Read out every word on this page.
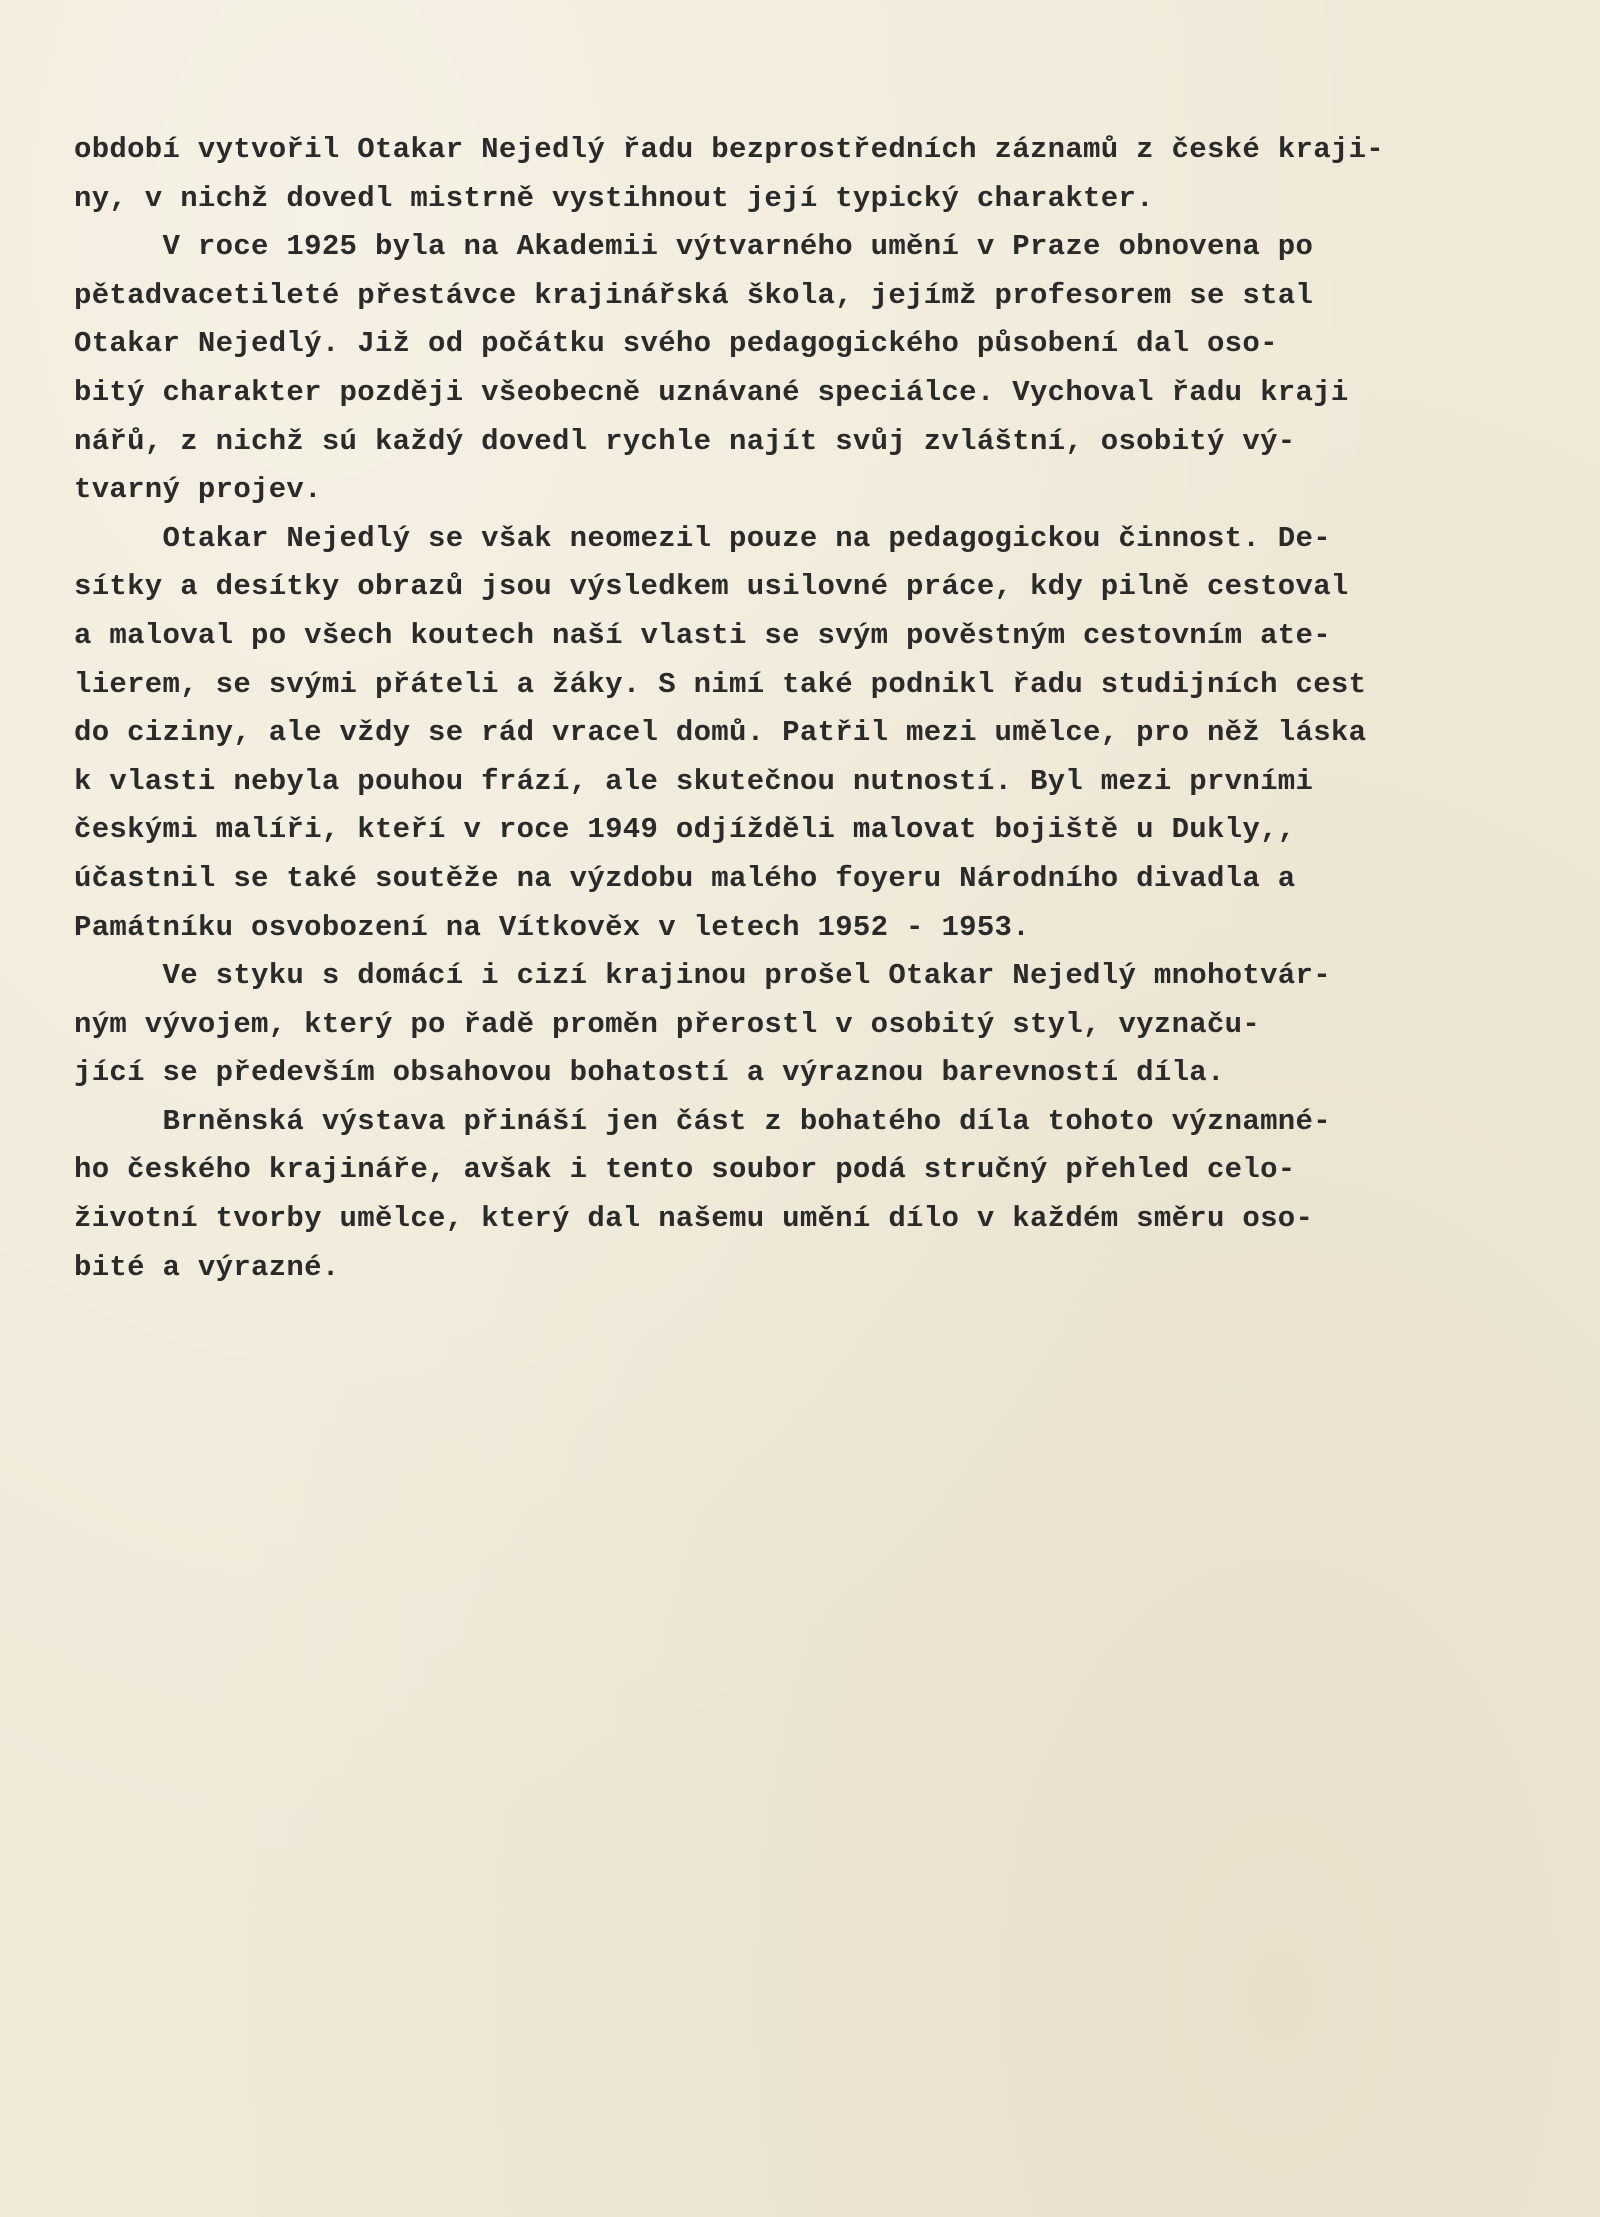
období vytvořil Otakar Nejedlý řadu bezprostředních záznamů z české kraji-
ny, v nichž dovedl mistrně vystihnout její typický charakter.
V roce 1925 byla na Akademii výtvarného umění v Praze obnovena po
pětadvacetileté přestávce krajinářská škola, jejímž profesorem se stal
Otakar Nejedlý. Již od počátku svého pedagogického působení dal oso-
bitý charakter později všeobecně uznávané speciálce. Vychoval řadu kraji
nářů, z nichž sú každý dovedl rychle najít svůj zvláštní, osobitý vý-
tvarný projev.
Otakar Nejedlý se však neomezil pouze na pedagogickou činnost. De-
sítky a desítky obrazů jsou výsledkem usilovné práce, kdy pilně cestoval
a maloval po všech koutech naší vlasti se svým pověstným cestovním ate-
lierem, se svými přáteli a žáky. S nimí také podnikl řadu studijních cest
do ciziny, ale vždy se rád vracel domů. Patřil mezi umělce, pro něž láska
k vlasti nebyla pouhou frází, ale skutečnou nutností. Byl mezi prvními
českými malíři, kteří v roce 1949 odjížděli malovat bojiště u Dukly,,
účastnil se také soutěže na výzdobu malého foyeru Národního divadla a
Památníku osvobození na Vítkověx v letech 1952 - 1953.
Ve styku s domácí i cizí krajinou prošel Otakar Nejedlý mnohotvár-
ným vývojem, který po řadě proměn přerostl v osobitý styl, vyznaču-
jící se především obsahovou bohatostí a výraznou barevností díla.
Brněnská výstava přináší jen část z bohatého díla tohoto významné-
ho českého krajináře, avšak i tento soubor podá stručný přehled celo-
životní tvorby umělce, který dal našemu umění dílo v každém směru oso-
bité a výrazné.
